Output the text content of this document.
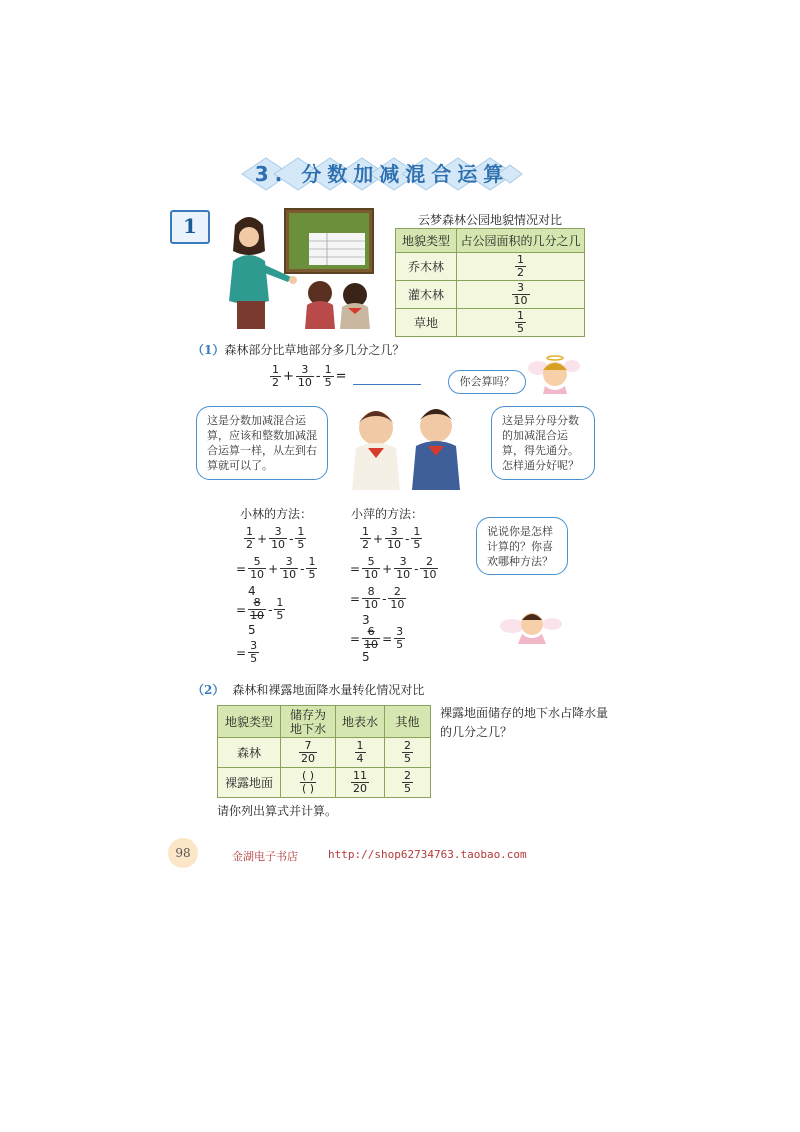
3. 分数加减混合运算
1	云梦森林公园地貌情况对比
地貌类型	占公园面积的几分之几
乔木林	$\frac{1}{2}$

灌木林	$\frac{3}{10}$

草地	$\frac{1}{5}$
（1）森林部分比草地部分多几分之几？
$\frac{1}{2} + \frac{3}{10} - \frac{1}{5}$ =	你会算吗？
这是分数加减混合运算，应该和整数加减混合运算一样，从左到右算就可以了。
这是异分母分数的加减混合运算，得先通分。怎样通分好呢？
小林的方法：	小萍的方法：
$\frac{1}{2} + \frac{3}{10} - \frac{1}{5}$
= $\frac{5}{10} + \frac{3}{10} - \frac{1}{5}$
4
= $\frac{8}{10} - \frac{1}{5}$
5
= $\frac{3}{5}$
$\frac{1}{2} + \frac{3}{10} - \frac{1}{5}$
= $\frac{5}{10} + \frac{3}{10} - \frac{2}{10}$
= $\frac{8}{10} - \frac{2}{10}$
3
= $\frac{6}{10} = \frac{3}{5}$
5
说说你是怎样计算的？你喜欢哪种方法？
（2） 森林和裸露地面降水量转化情况对比
地貌类型	储存为地下水	地表水	其他
森林	$\frac{7}{20}$	$\frac{1}{4}$	$\frac{2}{5}$

裸露地面	$\frac{( )}{( )}$	$\frac{11}{20}$	$\frac{2}{5}$
裸露地面储存的地下水占降水量的几分之几？
请你列出算式并计算。
98	金湖电子书店	http://shop62734763.taobao.com
